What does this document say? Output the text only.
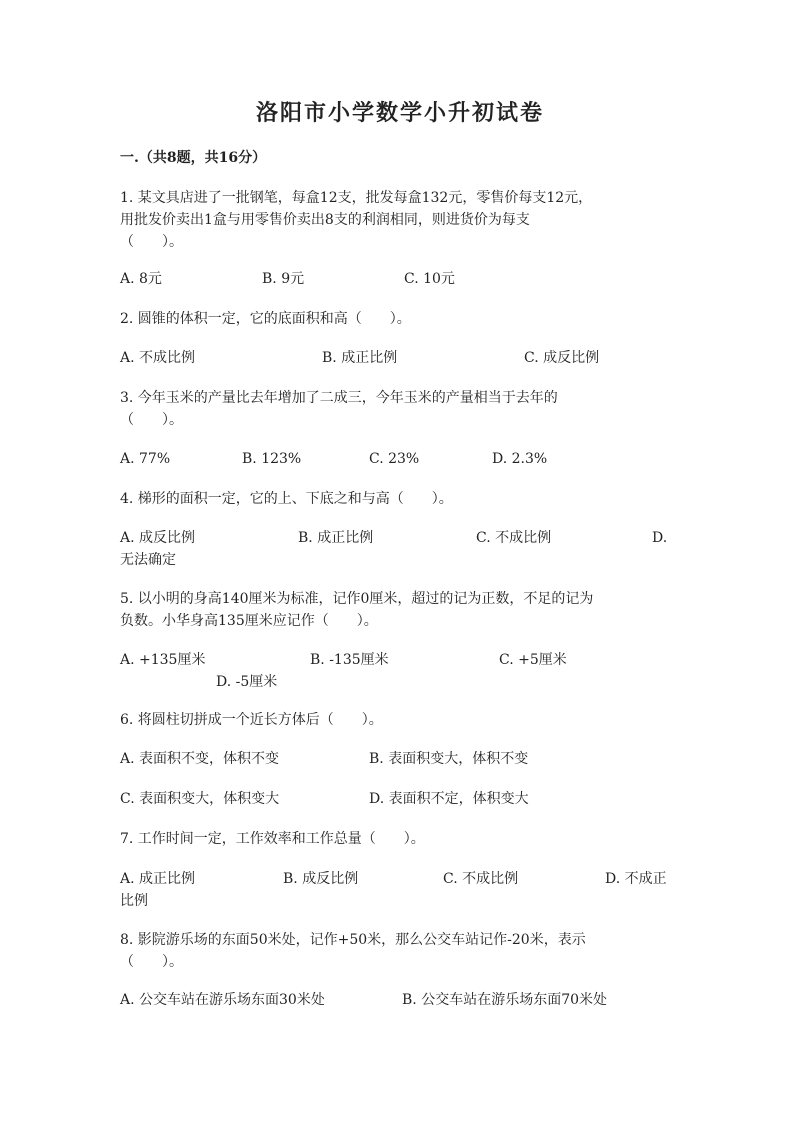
洛阳市小学数学小升初试卷
一.（共8题，共16分）
1. 某文具店进了一批钢笔，每盒12支，批发每盒132元，零售价每支12元，
用批发价卖出1盒与用零售价卖出8支的利润相同，则进货价为每支
（　　）。
A. 8元	B. 9元	C. 10元
2. 圆锥的体积一定，它的底面积和高（　　）。
A. 不成比例	B. 成正比例	C. 成反比例
3. 今年玉米的产量比去年增加了二成三，今年玉米的产量相当于去年的
（　　）。
A. 77%	B. 123%	C. 23%	D. 2.3%
4. 梯形的面积一定，它的上、下底之和与高（　　）。
A. 成反比例	B. 成正比例	C. 不成比例	D.
无法确定
5. 以小明的身高140厘米为标准，记作0厘米，超过的记为正数，不足的记为
负数。小华身高135厘米应记作（　　）。
A. +135厘米	B. -135厘米	C. +5厘米
D. -5厘米
6. 将圆柱切拼成一个近长方体后（　　）。
A. 表面积不变，体积不变	B. 表面积变大，体积不变
C. 表面积变大，体积变大	D. 表面积不定，体积变大
7. 工作时间一定，工作效率和工作总量（　　）。
A. 成正比例	B. 成反比例	C. 不成比例	D. 不成正
比例
8. 影院游乐场的东面50米处，记作+50米，那么公交车站记作-20米，表示
（　　）。
A. 公交车站在游乐场东面30米处	B. 公交车站在游乐场东面70米处
